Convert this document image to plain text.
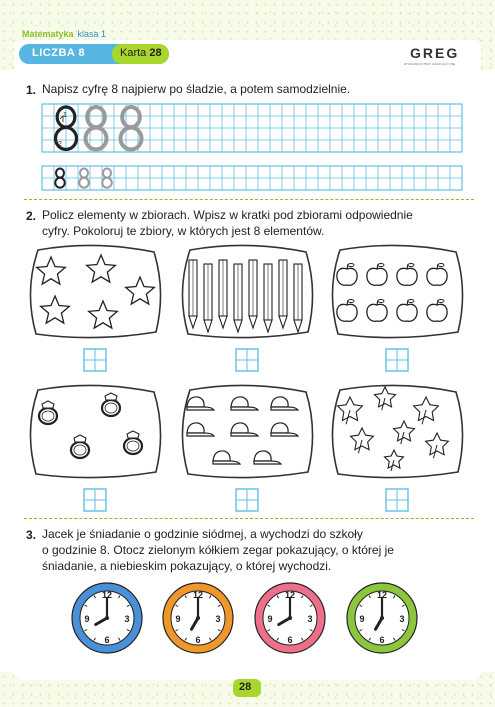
Matematyka klasa 1
LICZBA 8	Karta 28	GREG
WYDAWNICTWO EDUKACYJNE
1. Napisz cyfrę 8 najpierw po śladzie, a potem samodzielnie.
2. Policz elementy w zbiorach. Wpisz w kratki pod zbiorami odpowiednie
cyfry. Pokoloruj te zbiory, w których jest 8 elementów.
3. Jacek je śniadanie o godzinie siódmej, a wychodzi do szkoły
o godzinie 8. Otocz zielonym kółkiem zegar pokazujący, o której je
śniadanie, a niebieskim pokazujący, o której wychodzi.
1
2
12
3
6
9
12
3
6
9
12
3
6
9
12
3
6
9
28
